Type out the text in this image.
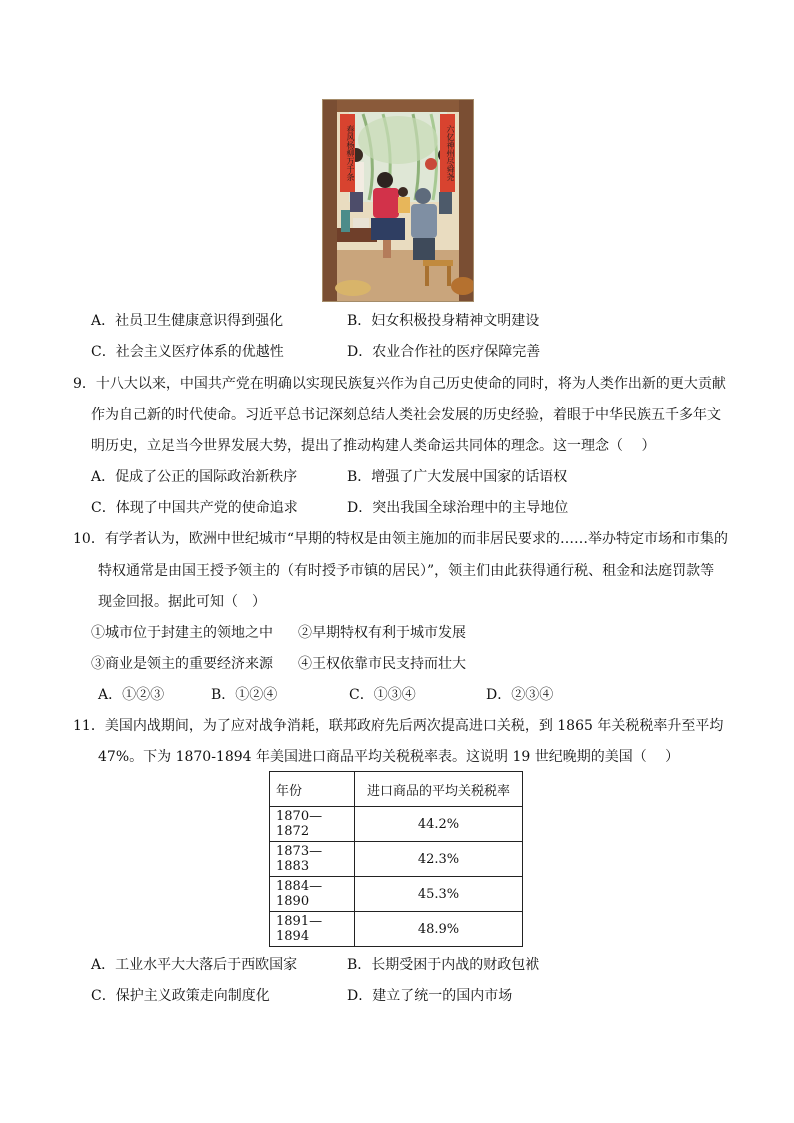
春风杨柳万千条	六亿神州尽舜尧
A．社员卫生健康意识得到强化	B．妇女积极投身精神文明建设
C．社会主义医疗体系的优越性	D．农业合作社的医疗保障完善
9．十八大以来，中国共产党在明确以实现民族复兴作为自己历史使命的同时，将为人类作出新的更大贡献
作为自己新的时代使命。习近平总书记深刻总结人类社会发展的历史经验，着眼于中华民族五千多年文
明历史，立足当今世界发展大势，提出了推动构建人类命运共同体的理念。这一理念（　 ）
A．促成了公正的国际政治新秩序	B．增强了广大发展中国家的话语权
C．体现了中国共产党的使命追求	D．突出我国全球治理中的主导地位
10．有学者认为，欧洲中世纪城市“早期的特权是由领主施加的而非居民要求的……举办特定市场和市集的
特权通常是由国王授予领主的（有时授予市镇的居民）”，领主们由此获得通行税、租金和法庭罚款等
现金回报。据此可知（　）
①城市位于封建主的领地之中 ②早期特权有利于城市发展
③商业是领主的重要经济来源 ④王权依靠市民支持而壮大
A．①②③	B．①②④	C．①③④	D．②③④
11．美国内战期间，为了应对战争消耗，联邦政府先后两次提高进口关税，到 1865 年关税税率升至平均
47%。下为 1870-1894 年美国进口商品平均关税税率表。这说明 19 世纪晚期的美国（　 ）
年份	进口商品的平均关税税率
1870—1872	44.2%
1873—1883	42.3%
1884—1890	45.3%
1891—1894	48.9%
A．工业水平大大落后于西欧国家	B．长期受困于内战的财政包袱
C．保护主义政策走向制度化	D．建立了统一的国内市场
